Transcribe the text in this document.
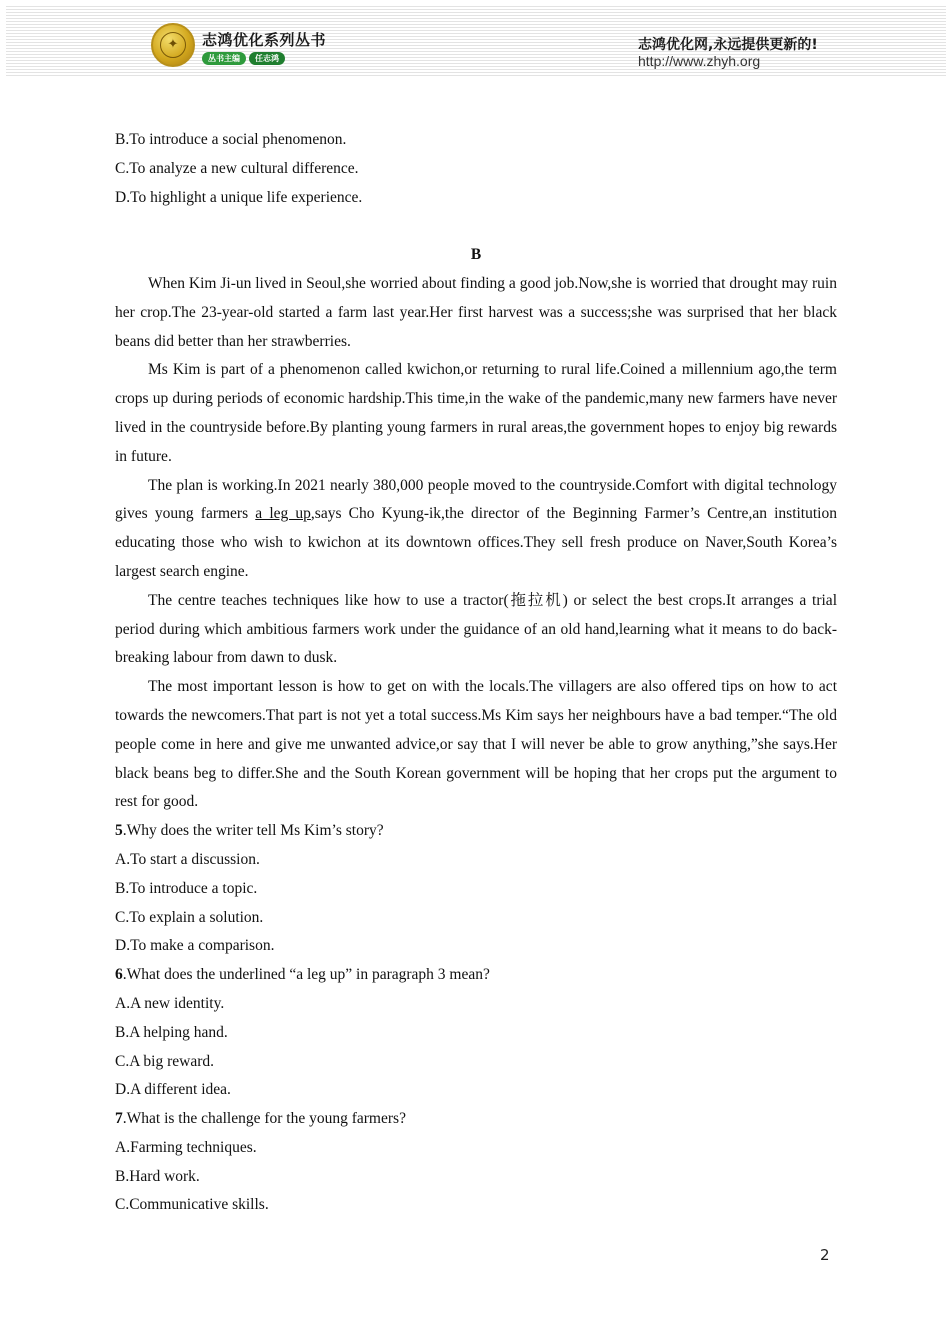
✦	志鸿优化系列丛书
丛书主编	任志鸿
志鸿优化网,永远提供更新的!
http://www.zhyh.org

B.To introduce a social phenomenon.

C.To analyze a new cultural difference.

D.To highlight a unique life experience.

B

When Kim Ji-un lived in Seoul,she worried about finding a good job.Now,she is worried that drought may ruin her crop.The 23-year-old started a farm last year.Her first harvest was a success;she was surprised that her black beans did better than her strawberries.

Ms Kim is part of a phenomenon called kwichon,or returning to rural life.Coined a millennium ago,the term crops up during periods of economic hardship.This time,in the wake of the pandemic,many new farmers have never lived in the countryside before.By planting young farmers in rural areas,the government hopes to enjoy big rewards in future.

The plan is working.In 2021 nearly 380,000 people moved to the countryside.Comfort with digital technology gives young farmers a leg up,says Cho Kyung-ik,the director of the Beginning Farmer’s Centre,an institution educating those who wish to kwichon at its downtown offices.They sell fresh produce on Naver,South Korea’s largest search engine.

The centre teaches techniques like how to use a tractor(拖拉机) or select the best crops.It arranges a trial period during which ambitious farmers work under the guidance of an old hand,learning what it means to do back-breaking labour from dawn to dusk.

The most important lesson is how to get on with the locals.The villagers are also offered tips on how to act towards the newcomers.That part is not yet a total success.Ms Kim says her neighbours have a bad temper.“The old people come in here and give me unwanted advice,or say that I will never be able to grow anything,”she says.Her black beans beg to differ.She and the South Korean government will be hoping that her crops put the argument to rest for good.

5.Why does the writer tell Ms Kim’s story?

A.To start a discussion.

B.To introduce a topic.

C.To explain a solution.

D.To make a comparison.

6.What does the underlined “a leg up” in paragraph 3 mean?

A.A new identity.

B.A helping hand.

C.A big reward.

D.A different idea.

7.What is the challenge for the young farmers?

A.Farming techniques.

B.Hard work.

C.Communicative skills.

2
